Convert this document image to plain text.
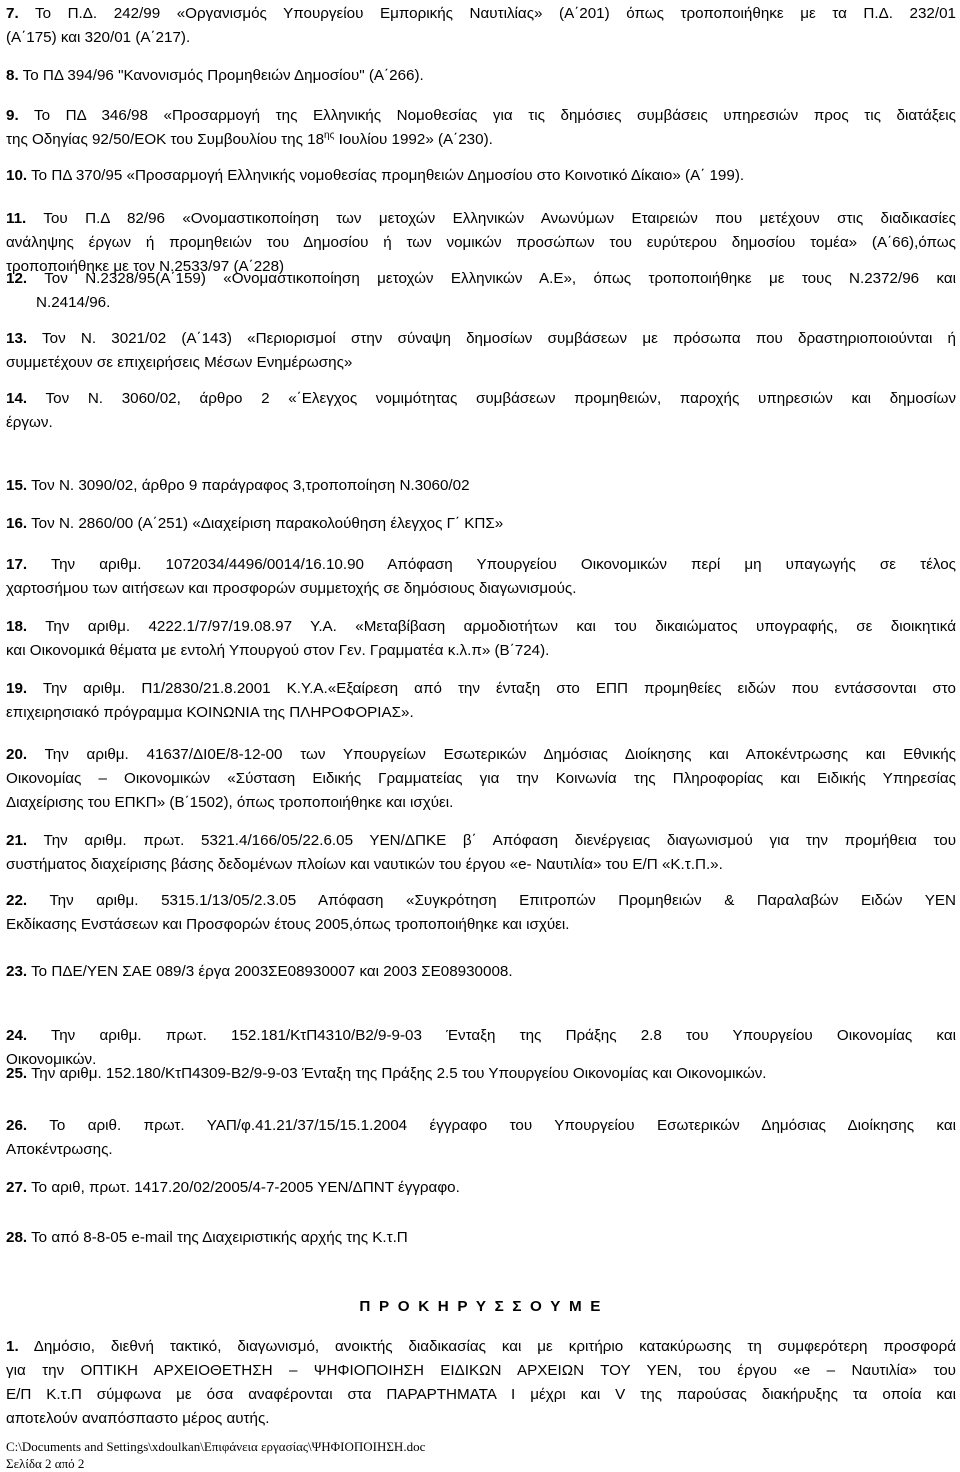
7. Το Π.Δ. 242/99 «Οργανισμός Υπουργείου Εμπορικής Ναυτιλίας» (Α΄201) όπως τροποποιήθηκε με τα Π.Δ. 232/01
(Α΄175) και 320/01 (Α΄217).
8. Το ΠΔ 394/96 "Κανονισμός Προμηθειών Δημοσίου" (Α΄266).
9. Το ΠΔ 346/98 «Προσαρμογή της Ελληνικής Νομοθεσίας για τις δημόσιες συμβάσεις υπηρεσιών προς τις διατάξεις
της Οδηγίας 92/50/ΕΟΚ του Συμβουλίου της $18^{\eta\varsigma}$ Ιουλίου 1992» (Α΄230).
10. Το ΠΔ 370/95 «Προσαρμογή Ελληνικής νομοθεσίας προμηθειών Δημοσίου στο Κοινοτικό Δίκαιο» (Α΄ 199).
11. Του Π.Δ 82/96 «Ονομαστικοποίηση των μετοχών Ελληνικών Ανωνύμων Εταιρειών που μετέχουν στις διαδικασίες
ανάληψης έργων ή προμηθειών του Δημοσίου ή των νομικών προσώπων του ευρύτερου δημοσίου τομέα» (Α΄66),όπως
τροποποιήθηκε με τον Ν.2533/97 (Α΄228)
12. Τον Ν.2328/95(Α΄159) «Ονομαστικοποίηση μετοχών Ελληνικών Α.Ε», όπως τροποποιήθηκε με τους Ν.2372/96 και
Ν.2414/96.
13. Τον Ν. 3021/02 (Α΄143) «Περιορισμοί στην σύναψη δημοσίων συμβάσεων με πρόσωπα που δραστηριοποιούνται ή
συμμετέχουν σε επιχειρήσεις Μέσων Ενημέρωσης»
14. Τον Ν. 3060/02, άρθρο 2 «΄Ελεγχος νομιμότητας συμβάσεων προμηθειών, παροχής υπηρεσιών και δημοσίων
έργων.
15. Τον Ν. 3090/02, άρθρο 9 παράγραφος 3,τροποποίηση Ν.3060/02
16. Τον Ν. 2860/00 (Α΄251) «Διαχείριση παρακολούθηση έλεγχος Γ΄ ΚΠΣ»
17. Την αριθμ. 1072034/4496/0014/16.10.90 Απόφαση Υπουργείου Οικονομικών περί μη υπαγωγής σε τέλος
χαρτοσήμου των αιτήσεων και προσφορών συμμετοχής σε δημόσιους διαγωνισμούς.
18. Την αριθμ. 4222.1/7/97/19.08.97 Υ.Α. «Μεταβίβαση αρμοδιοτήτων και του δικαιώματος υπογραφής, σε διοικητικά
και Οικονομικά θέματα με εντολή Υπουργού στον Γεν. Γραμματέα κ.λ.π» (Β΄724).
19. Την αριθμ. Π1/2830/21.8.2001 Κ.Υ.Α.«Εξαίρεση από την ένταξη στο ΕΠΠ προμηθείες ειδών που εντάσσονται στο
επιχειρησιακό πρόγραμμα ΚΟΙΝΩΝΙΑ της ΠΛΗΡΟΦΟΡΙΑΣ».
20. Την αριθμ. 41637/ΔΙ0Ε/8-12-00 των Υπουργείων Εσωτερικών Δημόσιας Διοίκησης και Αποκέντρωσης και Εθνικής
Οικονομίας – Οικονομικών «Σύσταση Ειδικής Γραμματείας για την Κοινωνία της Πληροφορίας και Ειδικής Υπηρεσίας
Διαχείρισης του ΕΠΚΠ» (Β΄1502), όπως τροποποιήθηκε και ισχύει.
21. Την αριθμ. πρωτ. 5321.4/166/05/22.6.05 ΥΕΝ/ΔΠΚΕ β΄ Απόφαση διενέργειας διαγωνισμού για την προμήθεια του
συστήματος διαχείρισης βάσης δεδομένων πλοίων και ναυτικών του έργου «e- Ναυτιλία» του Ε/Π «Κ.τ.Π.».
22. Την αριθμ. 5315.1/13/05/2.3.05 Απόφαση «Συγκρότηση Επιτροπών Προμηθειών & Παραλαβών Ειδών ΥΕΝ
Εκδίκασης Ενστάσεων και Προσφορών έτους 2005,όπως τροποποιήθηκε και ισχύει.
23. Το ΠΔΕ/ΥΕΝ ΣΑΕ 089/3 έργα 2003ΣΕ08930007 και 2003 ΣΕ08930008.
24. Την αριθμ. πρωτ. 152.181/ΚτΠ4310/Β2/9-9-03 Ένταξη της Πράξης 2.8 του Υπουργείου Οικονομίας και
Οικονομικών.
25. Την αριθμ. 152.180/ΚτΠ4309-Β2/9-9-03 Ένταξη της Πράξης 2.5 του Υπουργείου Οικονομίας και Οικονομικών.
26. Το αριθ. πρωτ. ΥΑΠ/φ.41.21/37/15/15.1.2004 έγγραφο του Υπουργείου Εσωτερικών Δημόσιας Διοίκησης και
Αποκέντρωσης.
27. Το αριθ, πρωτ. 1417.20/02/2005/4-7-2005 ΥΕΝ/ΔΠΝΤ έγγραφο.
28. Το από 8-8-05 e-mail της Διαχειριστικής αρχής της Κ.τ.Π
Π Ρ Ο Κ Η Ρ Υ Σ Σ Ο Υ Μ Ε
1. Δημόσιο, διεθνή τακτικό, διαγωνισμό, ανοικτής διαδικασίας και με κριτήριο κατακύρωσης τη συμφερότερη προσφορά
για την ΟΠΤΙΚΗ ΑΡΧΕΙΟΘΕΤΗΣΗ – ΨΗΦΙΟΠΟΙΗΣΗ ΕΙΔΙΚΩΝ ΑΡΧΕΙΩΝ ΤΟΥ ΥΕΝ, του έργου «e – Ναυτιλία» του
Ε/Π Κ.τ.Π σύμφωνα με όσα αναφέρονται στα ΠΑΡΑΡΤΗΜΑΤΑ Ι μέχρι και V της παρούσας διακήρυξης τα οποία και
αποτελούν αναπόσπαστο μέρος αυτής.
C:\Documents and Settings\xdoulkan\Επιφάνεια εργασίας\ΨΗΦΙΟΠΟΙΗΣΗ.doc
Σελίδα 2 από 2
